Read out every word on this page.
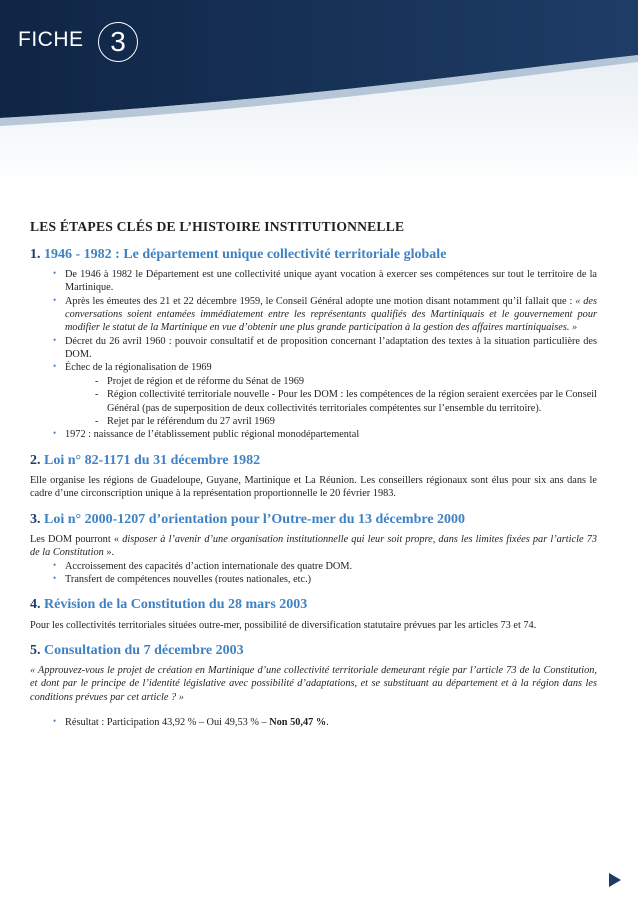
FICHE 3
LES ÉTAPES CLÉS DE L’HISTOIRE INSTITUTIONNELLE
1. 1946 - 1982 : Le département unique collectivité territoriale globale
• De 1946 à 1982 le Département est une collectivité unique ayant vocation à exercer ses compétences sur tout le territoire de la Martinique.
• Après les émeutes des 21 et 22 décembre 1959, le Conseil Général adopte une motion disant notamment qu’il fallait que : « des conversations soient entamées immédiatement entre les représentants qualifiés des Martiniquais et le gouvernement pour modifier le statut de la Martinique en vue d’obtenir une plus grande participation à la gestion des affaires martiniquaises. »
• Décret du 26 avril 1960 : pouvoir consultatif et de proposition concernant l’adaptation des textes à la situation particulière des DOM.
• Échec de la régionalisation de 1969
- Projet de région et de réforme du Sénat de 1969
- Région collectivité territoriale nouvelle - Pour les DOM : les compétences de la région seraient exercées par le Conseil Général (pas de superposition de deux collectivités territoriales compétentes sur l’ensemble du territoire).
- Rejet par le référendum du 27 avril 1969
• 1972 : naissance de l’établissement public régional monodépartemental
2. Loi n° 82-1171 du 31 décembre 1982

Elle organise les régions de Guadeloupe, Guyane, Martinique et La Réunion. Les conseillers régionaux sont élus pour six ans dans le cadre d’une circonscription unique à la représentation proportionnelle le 20 février 1983.

3. Loi n° 2000-1207 d’orientation pour l’Outre-mer du 13 décembre 2000

Les DOM pourront « disposer à l’avenir d’une organisation institutionnelle qui leur soit propre, dans les limites fixées par l’article 73 de la Constitution ».

• Accroissement des capacités d’action internationale des quatre DOM.
• Transfert de compétences nouvelles (routes nationales, etc.)
4. Révision de la Constitution du 28 mars 2003

Pour les collectivités territoriales situées outre-mer, possibilité de diversification statutaire prévues par les articles 73 et 74.

5. Consultation du 7 décembre 2003

« Approuvez-vous le projet de création en Martinique d’une collectivité territoriale demeurant régie par l’article 73 de la Constitution, et dont par le principe de l’identité législative avec possibilité d’adaptations, et se substituant au département et à la région dans les conditions prévues par cet article ? »

• Résultat : Participation 43,92 % – Oui 49,53 % – Non 50,47 %.
